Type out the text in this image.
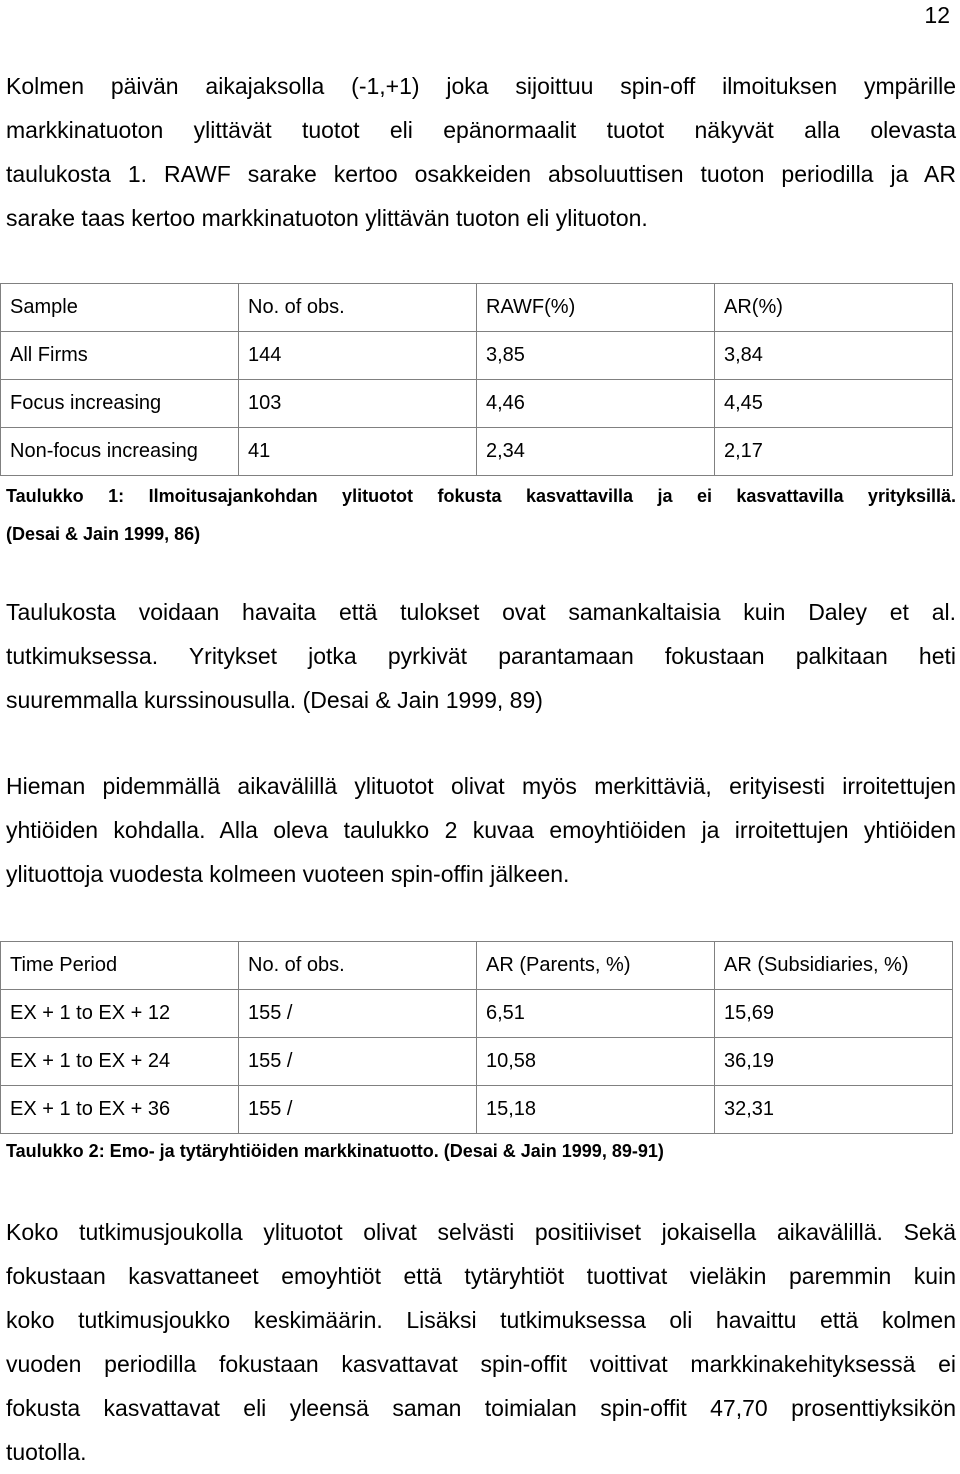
12
Kolmen päivän aikajaksolla (-1,+1) joka sijoittuu spin-off ilmoituksen ympärille
markkinatuoton ylittävät tuotot eli epänormaalit tuotot näkyvät alla olevasta
taulukosta 1. RAWF sarake kertoo osakkeiden absoluuttisen tuoton periodilla ja AR
sarake taas kertoo markkinatuoton ylittävän tuoton eli ylituoton.
Sample	No. of obs.	RAWF(%)	AR(%)
All Firms	144	3,85	3,84
Focus increasing	103	4,46	4,45
Non-focus increasing	41	2,34	2,17
Taulukko 1: Ilmoitusajankohdan ylituotot fokusta kasvattavilla ja ei kasvattavilla yrityksillä.
(Desai & Jain 1999, 86)
Taulukosta voidaan havaita että tulokset ovat samankaltaisia kuin Daley et al.
tutkimuksessa. Yritykset jotka pyrkivät parantamaan fokustaan palkitaan heti
suuremmalla kurssinousulla. (Desai & Jain 1999, 89)
Hieman pidemmällä aikavälillä ylituotot olivat myös merkittäviä, erityisesti irroitettujen
yhtiöiden kohdalla. Alla oleva taulukko 2 kuvaa emoyhtiöiden ja irroitettujen yhtiöiden
ylituottoja vuodesta kolmeen vuoteen spin-offin jälkeen.
Time Period	No. of obs.	AR (Parents, %)	AR (Subsidiaries, %)
EX + 1 to EX + 12	155 /	6,51	15,69
EX + 1 to EX + 24	155 /	10,58	36,19
EX + 1 to EX + 36	155 /	15,18	32,31
Taulukko 2: Emo- ja tytäryhtiöiden markkinatuotto. (Desai & Jain 1999, 89-91)
Koko tutkimusjoukolla ylituotot olivat selvästi positiiviset jokaisella aikavälillä. Sekä
fokustaan kasvattaneet emoyhtiöt että tytäryhtiöt tuottivat vieläkin paremmin kuin
koko tutkimusjoukko keskimäärin. Lisäksi tutkimuksessa oli havaittu että kolmen
vuoden periodilla fokustaan kasvattavat spin-offit voittivat markkinakehityksessä ei
fokusta kasvattavat eli yleensä saman toimialan spin-offit 47,70 prosenttiyksikön
tuotolla.
